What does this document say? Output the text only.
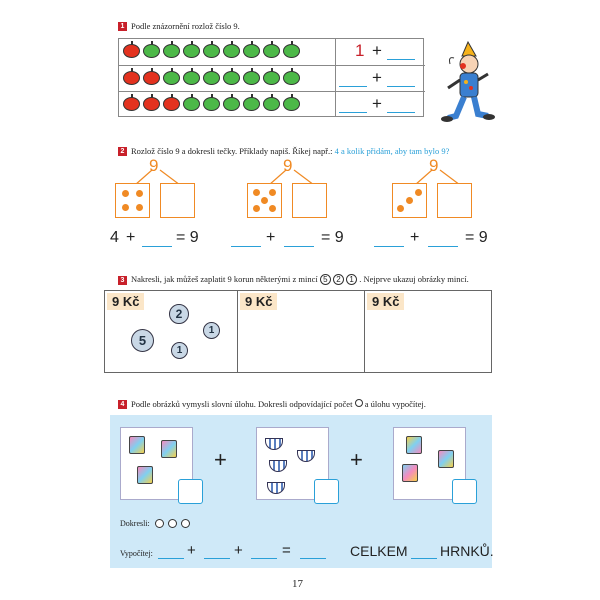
1 Podle znázornění rozlož číslo 9.
1 +
+
+
2 Rozlož číslo 9 a dokresli tečky. Příklady napiš. Říkej např.: 4 a kolik přidám, aby tam bylo 9?
9
4 +	= 9
9
+	= 9
9
+	= 9
3 Nakresli, jak můžeš zaplatit 9 korun některými z mincí 5 2 1 . Nejprve ukazuj obrázky mincí.
9 Kč	9 Kč	9 Kč
2
1
5
1
4 Podle obrázků vymysli slovní úlohu. Dokresli odpovídající počet a úlohu vypočítej.
+	+
Dokresli:
Vypočítej: +	+	=	CELKEM HRNKŮ.
17
